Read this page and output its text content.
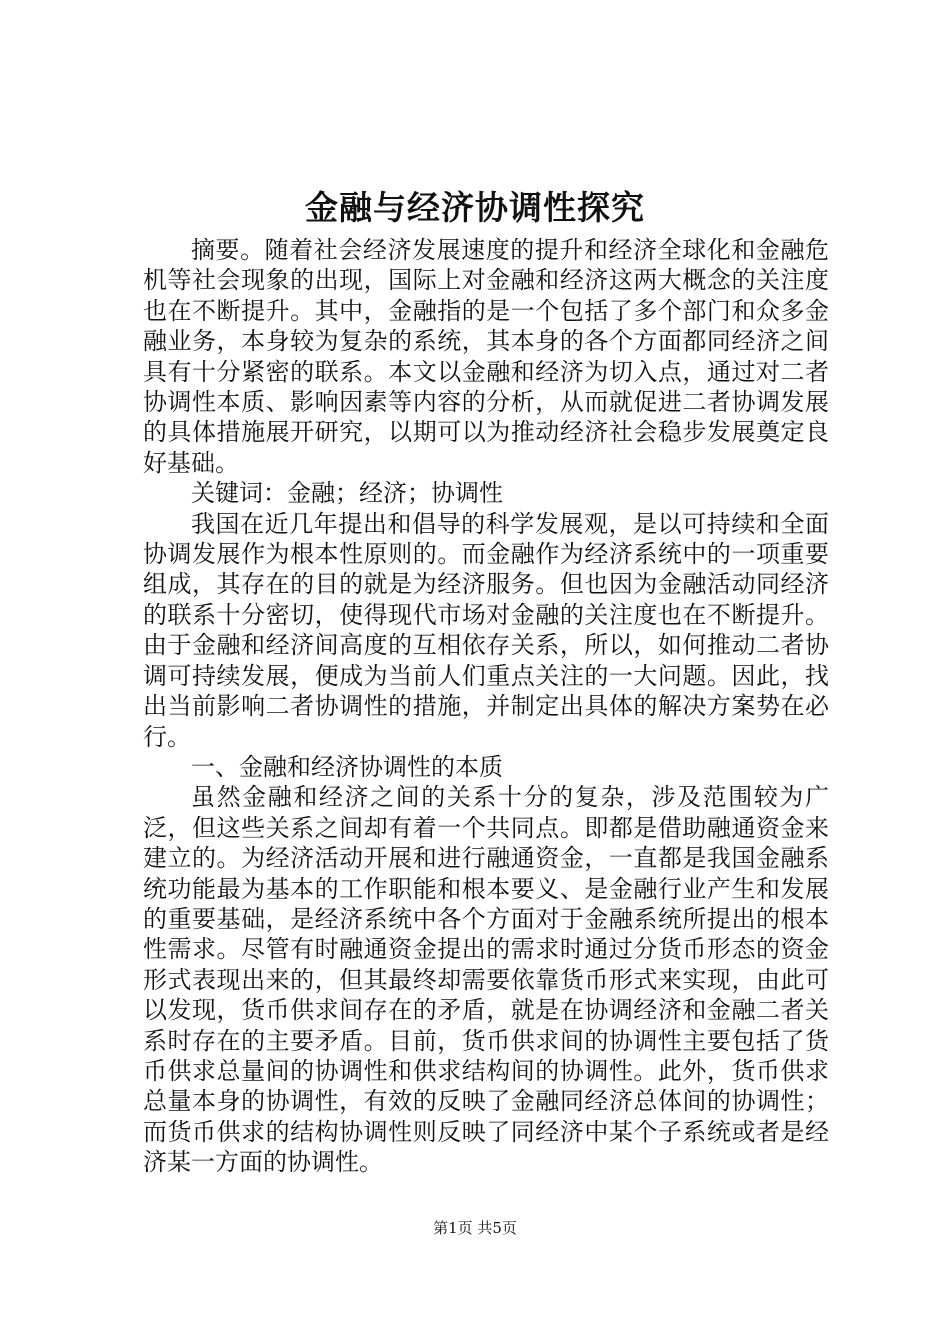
金融与经济协调性探究

摘要。随着社会经济发展速度的提升和经济全球化和金融危机等社会现象的出现，国际上对金融和经济这两大概念的关注度也在不断提升。其中，金融指的是一个包括了多个部门和众多金融业务，本身较为复杂的系统，其本身的各个方面都同经济之间具有十分紧密的联系。本文以金融和经济为切入点，通过对二者协调性本质、影响因素等内容的分析，从而就促进二者协调发展的具体措施展开研究，以期可以为推动经济社会稳步发展奠定良好基础。

关键词：金融；经济；协调性

我国在近几年提出和倡导的科学发展观，是以可持续和全面协调发展作为根本性原则的。而金融作为经济系统中的一项重要组成，其存在的目的就是为经济服务。但也因为金融活动同经济的联系十分密切，使得现代市场对金融的关注度也在不断提升。由于金融和经济间高度的互相依存关系，所以，如何推动二者协调可持续发展，便成为当前人们重点关注的一大问题。因此，找出当前影响二者协调性的措施，并制定出具体的解决方案势在必行。

一、金融和经济协调性的本质

虽然金融和经济之间的关系十分的复杂，涉及范围较为广泛，但这些关系之间却有着一个共同点。即都是借助融通资金来建立的。为经济活动开展和进行融通资金，一直都是我国金融系统功能最为基本的工作职能和根本要义、是金融行业产生和发展的重要基础，是经济系统中各个方面对于金融系统所提出的根本性需求。尽管有时融通资金提出的需求时通过分货币形态的资金形式表现出来的，但其最终却需要依靠货币形式来实现，由此可以发现，货币供求间存在的矛盾，就是在协调经济和金融二者关系时存在的主要矛盾。目前，货币供求间的协调性主要包括了货币供求总量间的协调性和供求结构间的协调性。此外，货币供求总量本身的协调性，有效的反映了金融同经济总体间的协调性；而货币供求的结构协调性则反映了同经济中某个子系统或者是经济某一方面的协调性。

第1页 共5页
